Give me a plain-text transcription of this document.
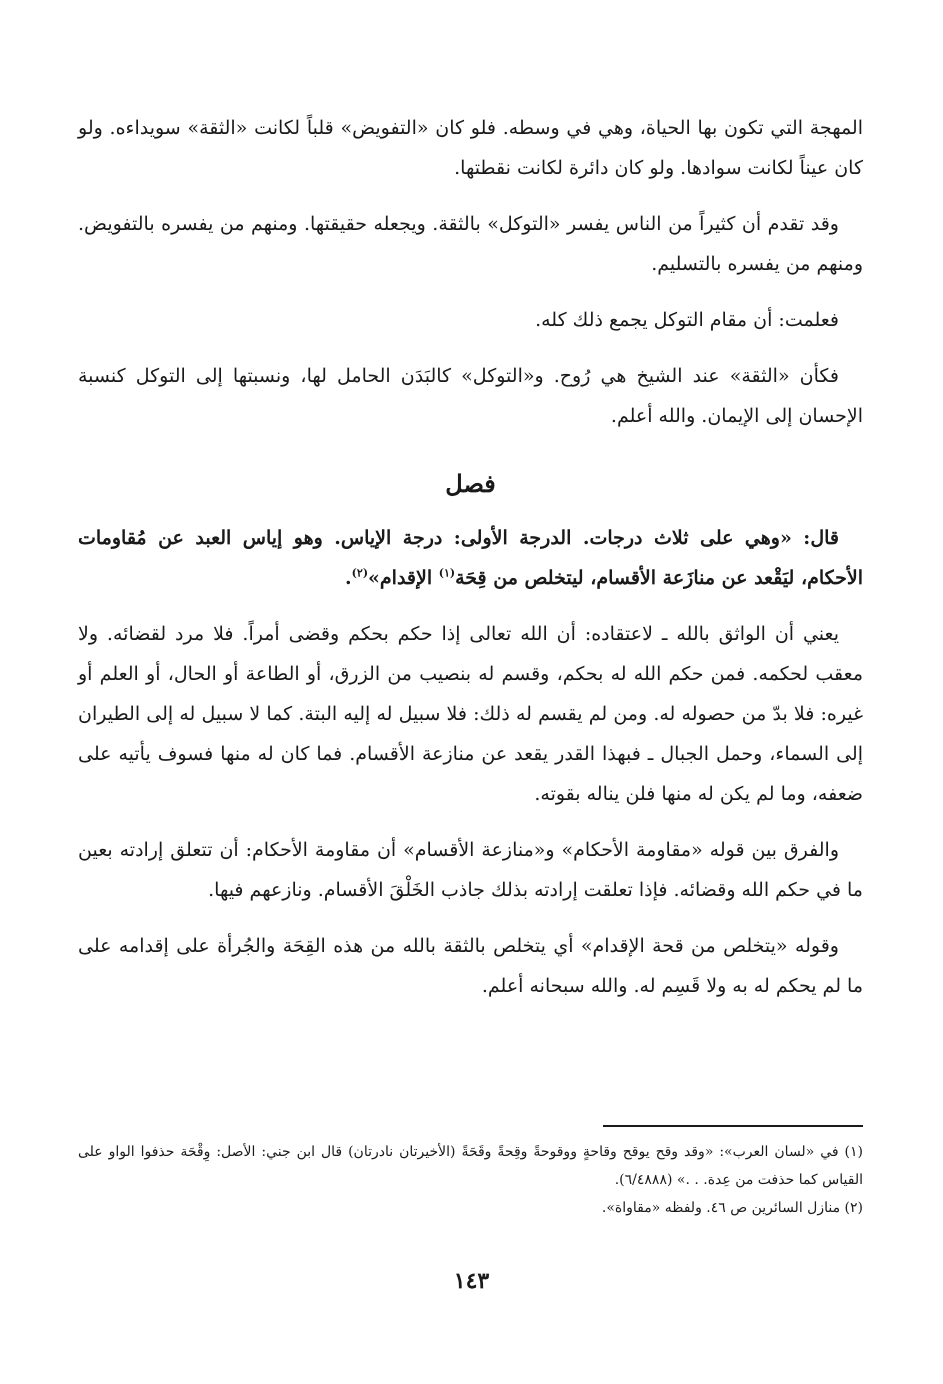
المهجة التي تكون بها الحياة، وهي في وسطه. فلو كان «التفويض» قلباً لكانت «الثقة» سويداءه. ولو كان عيناً لكانت سوادها. ولو كان دائرة لكانت نقطتها.

وقد تقدم أن كثيراً من الناس يفسر «التوكل» بالثقة. ويجعله حقيقتها. ومنهم من يفسره بالتفويض. ومنهم من يفسره بالتسليم.

فعلمت: أن مقام التوكل يجمع ذلك كله.

فكأن «الثقة» عند الشيخ هي رُوح. و«التوكل» كالبَدَن الحامل لها، ونسبتها إلى التوكل كنسبة الإحسان إلى الإيمان. والله أعلم.

فصل

قال: «وهي على ثلاث درجات. الدرجة الأولى: درجة الإياس. وهو إياس العبد عن مُقاومات الأحكام، ليَقْعد عن منازَعة الأقسام، ليتخلص من قِحَة$^{(١)}$ الإقدام»$^{(٢)}$.

يعني أن الواثق بالله ـ لاعتقاده: أن الله تعالى إذا حكم بحكم وقضى أمراً. فلا مرد لقضائه. ولا معقب لحكمه. فمن حكم الله له بحكم، وقسم له بنصيب من الزرق، أو الطاعة أو الحال، أو العلم أو غيره: فلا بدّ من حصوله له. ومن لم يقسم له ذلك: فلا سبيل له إليه البتة. كما لا سبيل له إلى الطيران إلى السماء، وحمل الجبال ـ فبهذا القدر يقعد عن منازعة الأقسام. فما كان له منها فسوف يأتيه على ضعفه، وما لم يكن له منها فلن يناله بقوته.

والفرق بين قوله «مقاومة الأحكام» و«منازعة الأقسام» أن مقاومة الأحكام: أن تتعلق إرادته بعين ما في حكم الله وقضائه. فإذا تعلقت إرادته بذلك جاذب الخَلْقَ الأقسام. ونازعهم فيها.

وقوله «يتخلص من قحة الإقدام» أي يتخلص بالثقة بالله من هذه القِحَة والجُرأة على إقدامه على ما لم يحكم له به ولا قَسِم له. والله سبحانه أعلم.

(١) في «لسان العرب»: «وقد وقح يوقح وقاحةٍ ووقوحةً وقِحةً وقَحَةً (الأخيرتان نادرتان) قال ابن جني: الأصل: وِقْحَة حذفوا الواو على القياس كما حذفت من عِدة. . .» (٦/٤٨٨٨).

(٢) منازل السائرين ص ٤٦. ولفظه «مقاواة».

١٤٣
